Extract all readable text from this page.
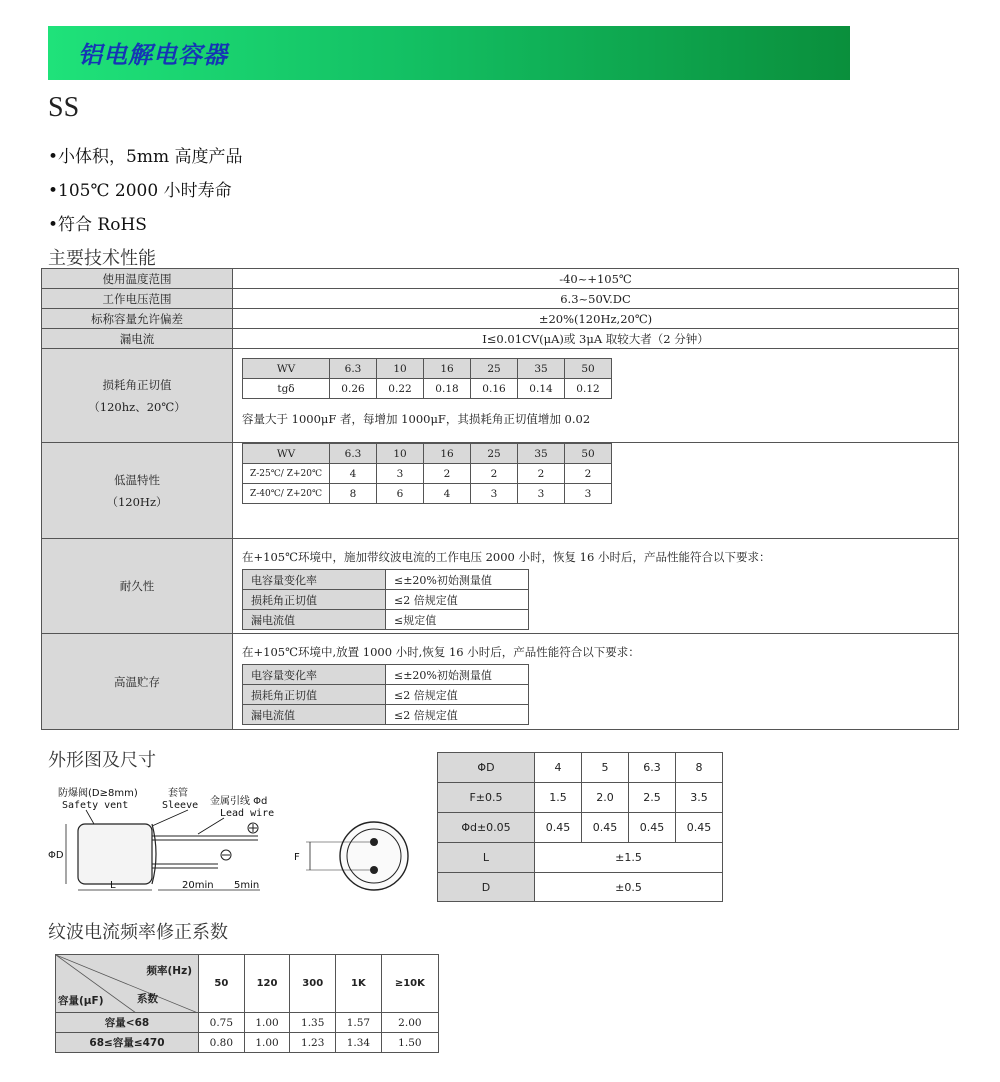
铝电解电容器
SS
•小体积，5mm 高度产品
•105℃ 2000 小时寿命
•符合 RoHS
主要技术性能
使用温度范围	-40~+105℃
工作电压范围	6.3~50V.DC
标称容量允许偏差	±20%(120Hz,20℃)
漏电流	I≤0.01CV(μA)或 3μA 取较大者（2 分钟）

损耗角正切值
（120hz、20℃）

WV	6.3	10	16	25	35	50
tgδ	0.26	0.22	0.18	0.16	0.14	0.12
容量大于 1000μF 者，每增加 1000μF，其损耗角正切值增加 0.02

低温特性
（120Hz）

WV	6.3	10	16	25	35	50
Z-25℃/ Z+20℃	4	3	2	2	2	2
Z-40℃/ Z+20℃	8	6	4	3	3	3

耐久性	
在+105℃环境中，施加带纹波电流的工作电压 2000 小时，恢复 16 小时后，产品性能符合以下要求：
电容量变化率	≤±20%初始测量值
损耗角正切值	≤2 倍规定值
漏电流值	≤规定值

高温贮存	
在+105℃环境中,放置 1000 小时,恢复 16 小时后，产品性能符合以下要求：
电容量变化率	≤±20%初始测量值
损耗角正切值	≤2 倍规定值
漏电流值	≤2 倍规定值
外形图及尺寸
防爆阀(D≥8mm)
Safety vent
套管
Sleeve 金属引线 Φd
Lead wire
ΦD
L	20min 5min
F
ΦD	4	5	6.3	8
F±0.5	1.5	2.0	2.5	3.5
Φd±0.05	0.45	0.45	0.45	0.45
L	±1.5			
D	±0.5			
纹波电流频率修正系数
频率(Hz)
系数
容量(μF)	50	120	300	1K	≥10K
容量<68	0.75	1.00	1.35	1.57	2.00
68≤容量≤470	0.80	1.00	1.23	1.34	1.50
